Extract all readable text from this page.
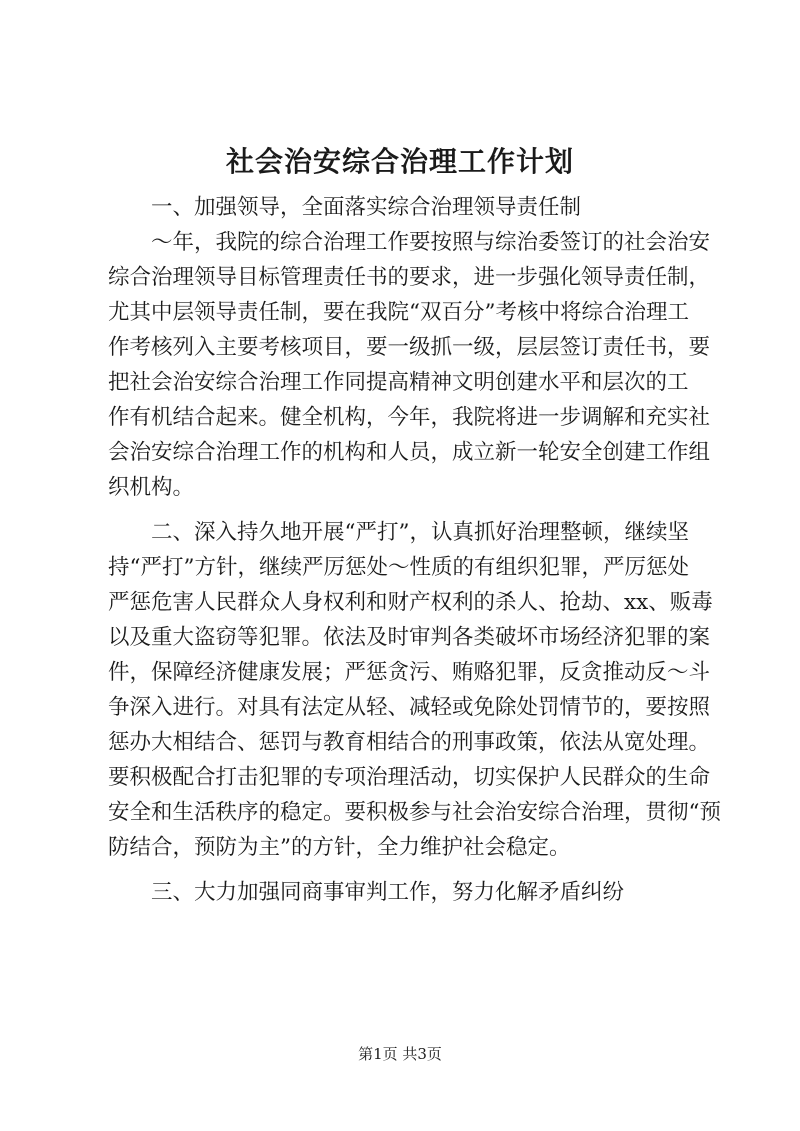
社会治安综合治理工作计划
一、加强领导，全面落实综合治理领导责任制
～年，我院的综合治理工作要按照与综治委签订的社会治安
综合治理领导目标管理责任书的要求，进一步强化领导责任制，
尤其中层领导责任制，要在我院“双百分”考核中将综合治理工
作考核列入主要考核项目，要一级抓一级，层层签订责任书，要
把社会治安综合治理工作同提高精神文明创建水平和层次的工
作有机结合起来。健全机构，今年，我院将进一步调解和充实社
会治安综合治理工作的机构和人员，成立新一轮安全创建工作组
织机构。
二、深入持久地开展“严打”，认真抓好治理整顿，继续坚
持“严打”方针，继续严厉惩处～性质的有组织犯罪，严厉惩处
严惩危害人民群众人身权利和财产权利的杀人、抢劫、xx、贩毒
以及重大盗窃等犯罪。依法及时审判各类破坏市场经济犯罪的案
件，保障经济健康发展；严惩贪污、贿赂犯罪，反贪推动反～斗
争深入进行。对具有法定从轻、减轻或免除处罚情节的，要按照
惩办大相结合、惩罚与教育相结合的刑事政策，依法从宽处理。
要积极配合打击犯罪的专项治理活动，切实保护人民群众的生命
安全和生活秩序的稳定。要积极参与社会治安综合治理，贯彻“预
防结合，预防为主”的方针，全力维护社会稳定。
三、大力加强同商事审判工作，努力化解矛盾纠纷
第1页 共3页
